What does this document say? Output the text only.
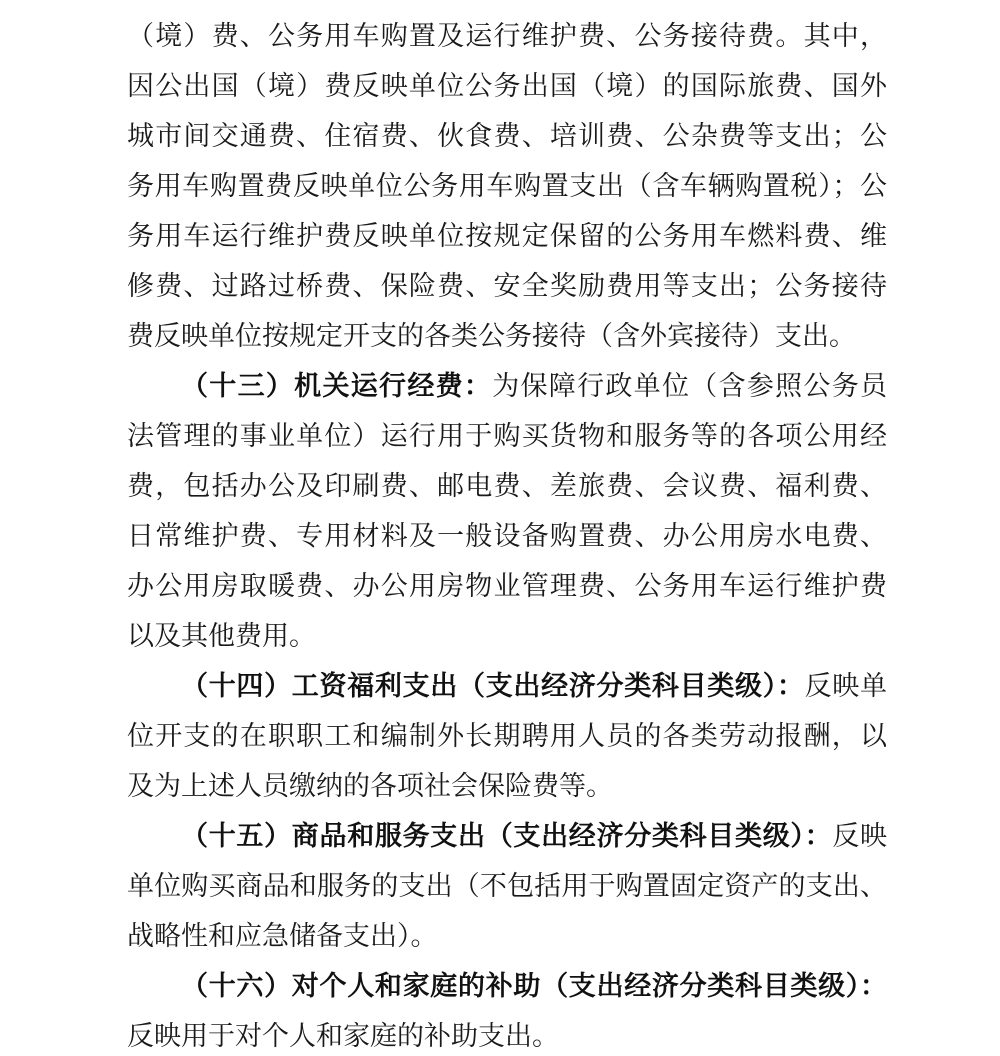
（境）费、公务用车购置及运行维护费、公务接待费。其中，
因公出国（境）费反映单位公务出国（境）的国际旅费、国外
城市间交通费、住宿费、伙食费、培训费、公杂费等支出；公
务用车购置费反映单位公务用车购置支出（含车辆购置税）；公
务用车运行维护费反映单位按规定保留的公务用车燃料费、维
修费、过路过桥费、保险费、安全奖励费用等支出；公务接待
费反映单位按规定开支的各类公务接待（含外宾接待）支出。
（十三）机关运行经费：为保障行政单位（含参照公务员
法管理的事业单位）运行用于购买货物和服务等的各项公用经
费，包括办公及印刷费、邮电费、差旅费、会议费、福利费、
日常维护费、专用材料及一般设备购置费、办公用房水电费、
办公用房取暖费、办公用房物业管理费、公务用车运行维护费
以及其他费用。
（十四）工资福利支出（支出经济分类科目类级）：反映单
位开支的在职职工和编制外长期聘用人员的各类劳动报酬，以
及为上述人员缴纳的各项社会保险费等。
（十五）商品和服务支出（支出经济分类科目类级）：反映
单位购买商品和服务的支出（不包括用于购置固定资产的支出、
战略性和应急储备支出）。
（十六）对个人和家庭的补助（支出经济分类科目类级）：
反映用于对个人和家庭的补助支出。
